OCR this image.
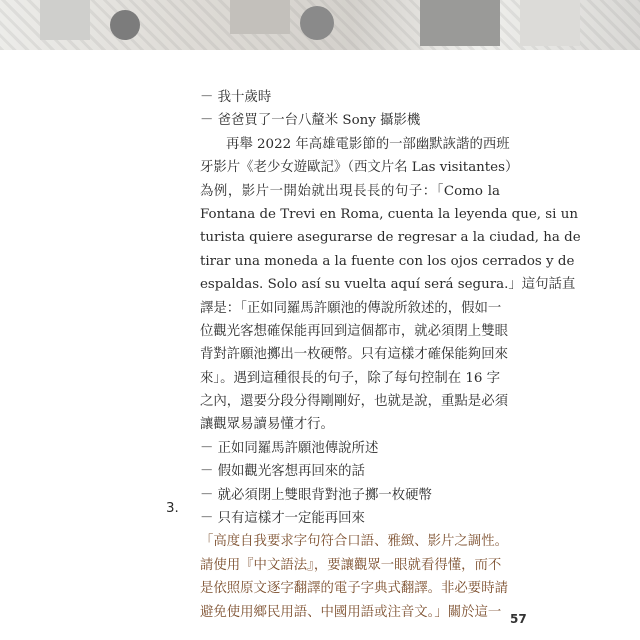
－ 我十歲時
－ 爸爸買了一台八釐米 Sony 攝影機
再舉 2022 年高雄電影節的一部幽默詼諧的西班
牙影片《老少女遊歐記》（西文片名 Las visitantes）
為例，影片一開始就出現長長的句子：「Como la
Fontana de Trevi en Roma, cuenta la leyenda que, si un
turista quiere asegurarse de regresar a la ciudad, ha de
tirar una moneda a la fuente con los ojos cerrados y de
espaldas. Solo así su vuelta aquí será segura.」這句話直
譯是：「正如同羅馬許願池的傳說所敘述的，假如一
位觀光客想確保能再回到這個都市，就必須閉上雙眼
背對許願池擲出一枚硬幣。只有這樣才確保能夠回來
來」。遇到這種很長的句子，除了每句控制在 16 字
之內，還要分段分得剛剛好，也就是說，重點是必須
讓觀眾易讀易懂才行。
－ 正如同羅馬許願池傳說所述
－ 假如觀光客想再回來的話
－ 就必須閉上雙眼背對池子擲一枚硬幣
－ 只有這樣才一定能再回來
「高度自我要求字句符合口語、雅緻、影片之調性。
請使用『中文語法』，要讓觀眾一眼就看得懂，而不
是依照原文逐字翻譯的電子字典式翻譯。非必要時請
避免使用鄉民用語、中國用語或注音文。」關於這一
3.
57
